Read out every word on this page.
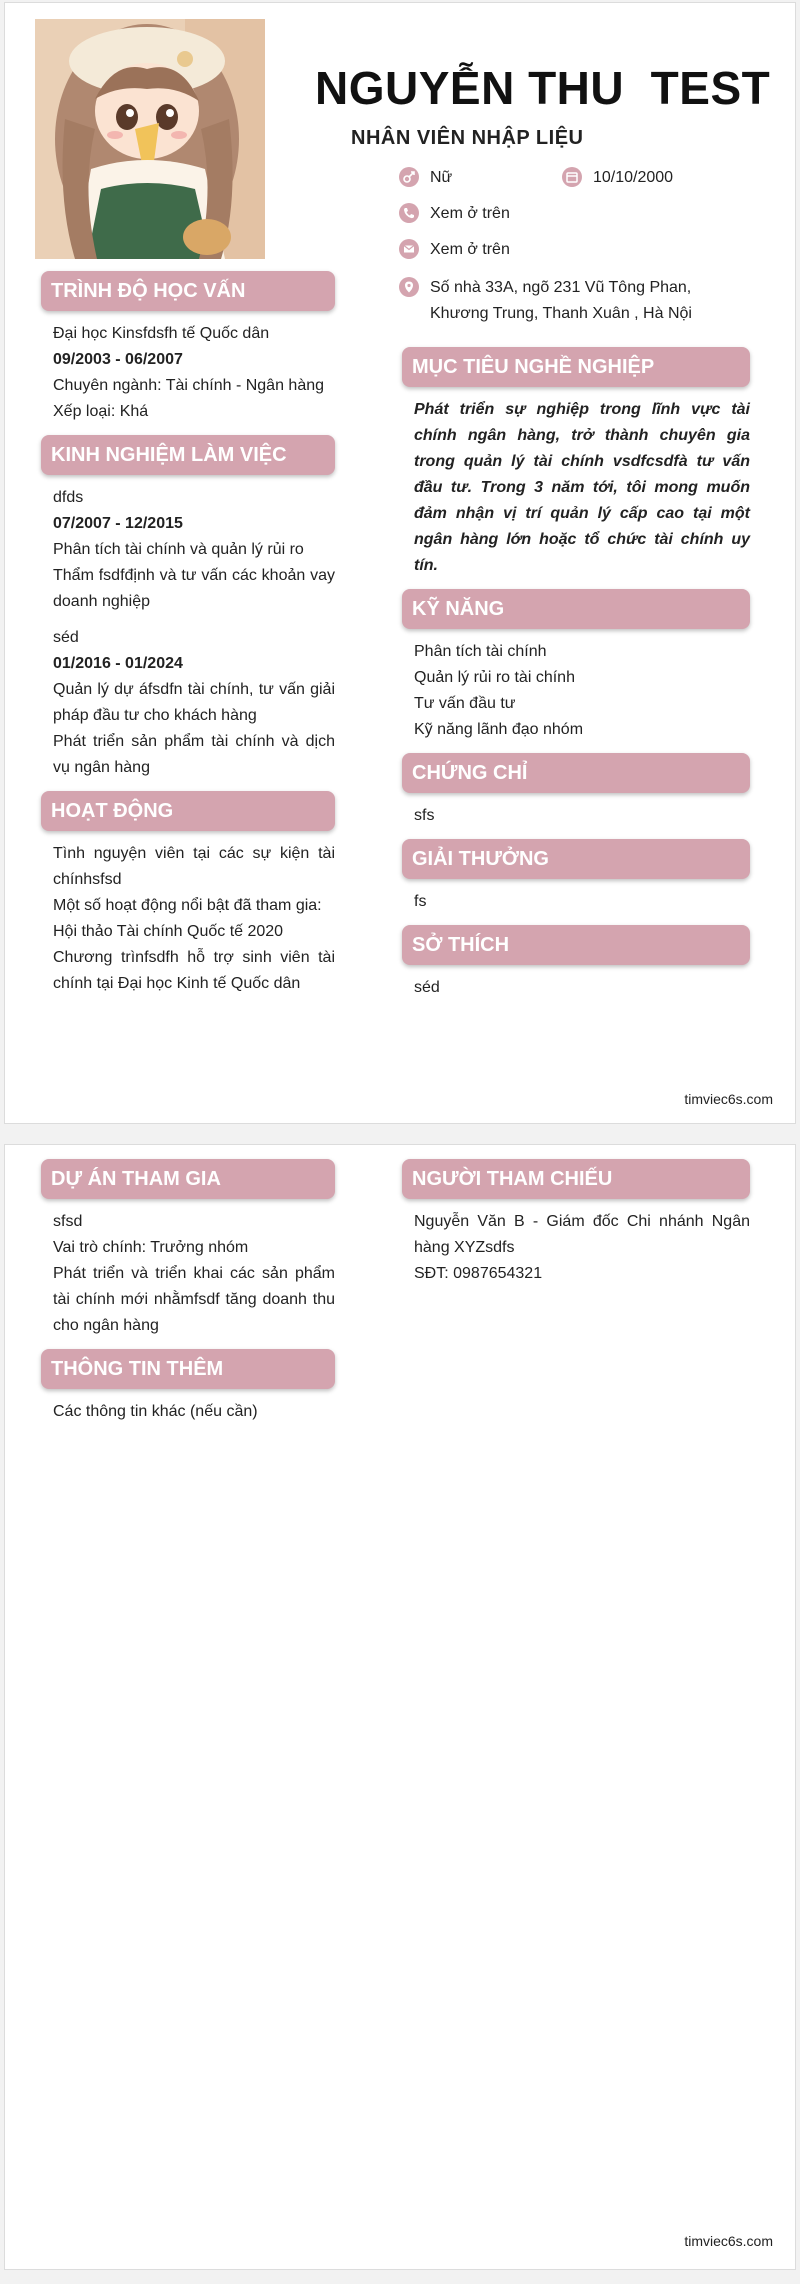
NGUYỄN THU  TEST
NHÂN VIÊN NHẬP LIỆU
Nữ	10/10/2000
Xem ở trên
Xem ở trên
Số nhà 33A, ngõ 231 Vũ Tông Phan, Khương Trung, Thanh Xuân , Hà Nội
TRÌNH ĐỘ HỌC VẤN
Đại học Kinsfdsfh tế Quốc dân
09/2003 - 06/2007
Chuyên ngành: Tài chính - Ngân hàng
Xếp loại: Khá
KINH NGHIỆM LÀM VIỆC
dfds
07/2007 - 12/2015
Phân tích tài chính và quản lý rủi ro
Thẩm fsdfđịnh và tư vấn các khoản vay doanh nghiệp
séd
01/2016 - 01/2024
Quản lý dự áfsdfn tài chính, tư vấn giải pháp đầu tư cho khách hàng
Phát triển sản phẩm tài chính và dịch vụ ngân hàng
HOẠT ĐỘNG
Tình nguyện viên tại các sự kiện tài chínhsfsd
Một số hoạt động nổi bật đã tham gia:
Hội thảo Tài chính Quốc tế 2020
Chương trìnfsdfh hỗ trợ sinh viên tài chính tại Đại học Kinh tế Quốc dân
MỤC TIÊU NGHỀ NGHIỆP
Phát triển sự nghiệp trong lĩnh vực tài chính ngân hàng, trở thành chuyên gia trong quản lý tài chính vsdfcsdfà tư vấn đầu tư. Trong 3 năm tới, tôi mong muốn đảm nhận vị trí quản lý cấp cao tại một ngân hàng lớn hoặc tổ chức tài chính uy tín.
KỸ NĂNG
Phân tích tài chính
Quản lý rủi ro tài chính
Tư vấn đầu tư
Kỹ năng lãnh đạo nhóm
CHỨNG CHỈ
sfs
GIẢI THƯỞNG
fs
SỞ THÍCH
séd
timviec6s.com
DỰ ÁN THAM GIA
sfsd
Vai trò chính: Trưởng nhóm
Phát triển và triển khai các sản phẩm tài chính mới nhằmfsdf tăng doanh thu cho ngân hàng
THÔNG TIN THÊM
Các thông tin khác (nếu cần)
NGƯỜI THAM CHIẾU
Nguyễn Văn B - Giám đốc Chi nhánh Ngân hàng XYZsdfs
SĐT: 0987654321
timviec6s.com
